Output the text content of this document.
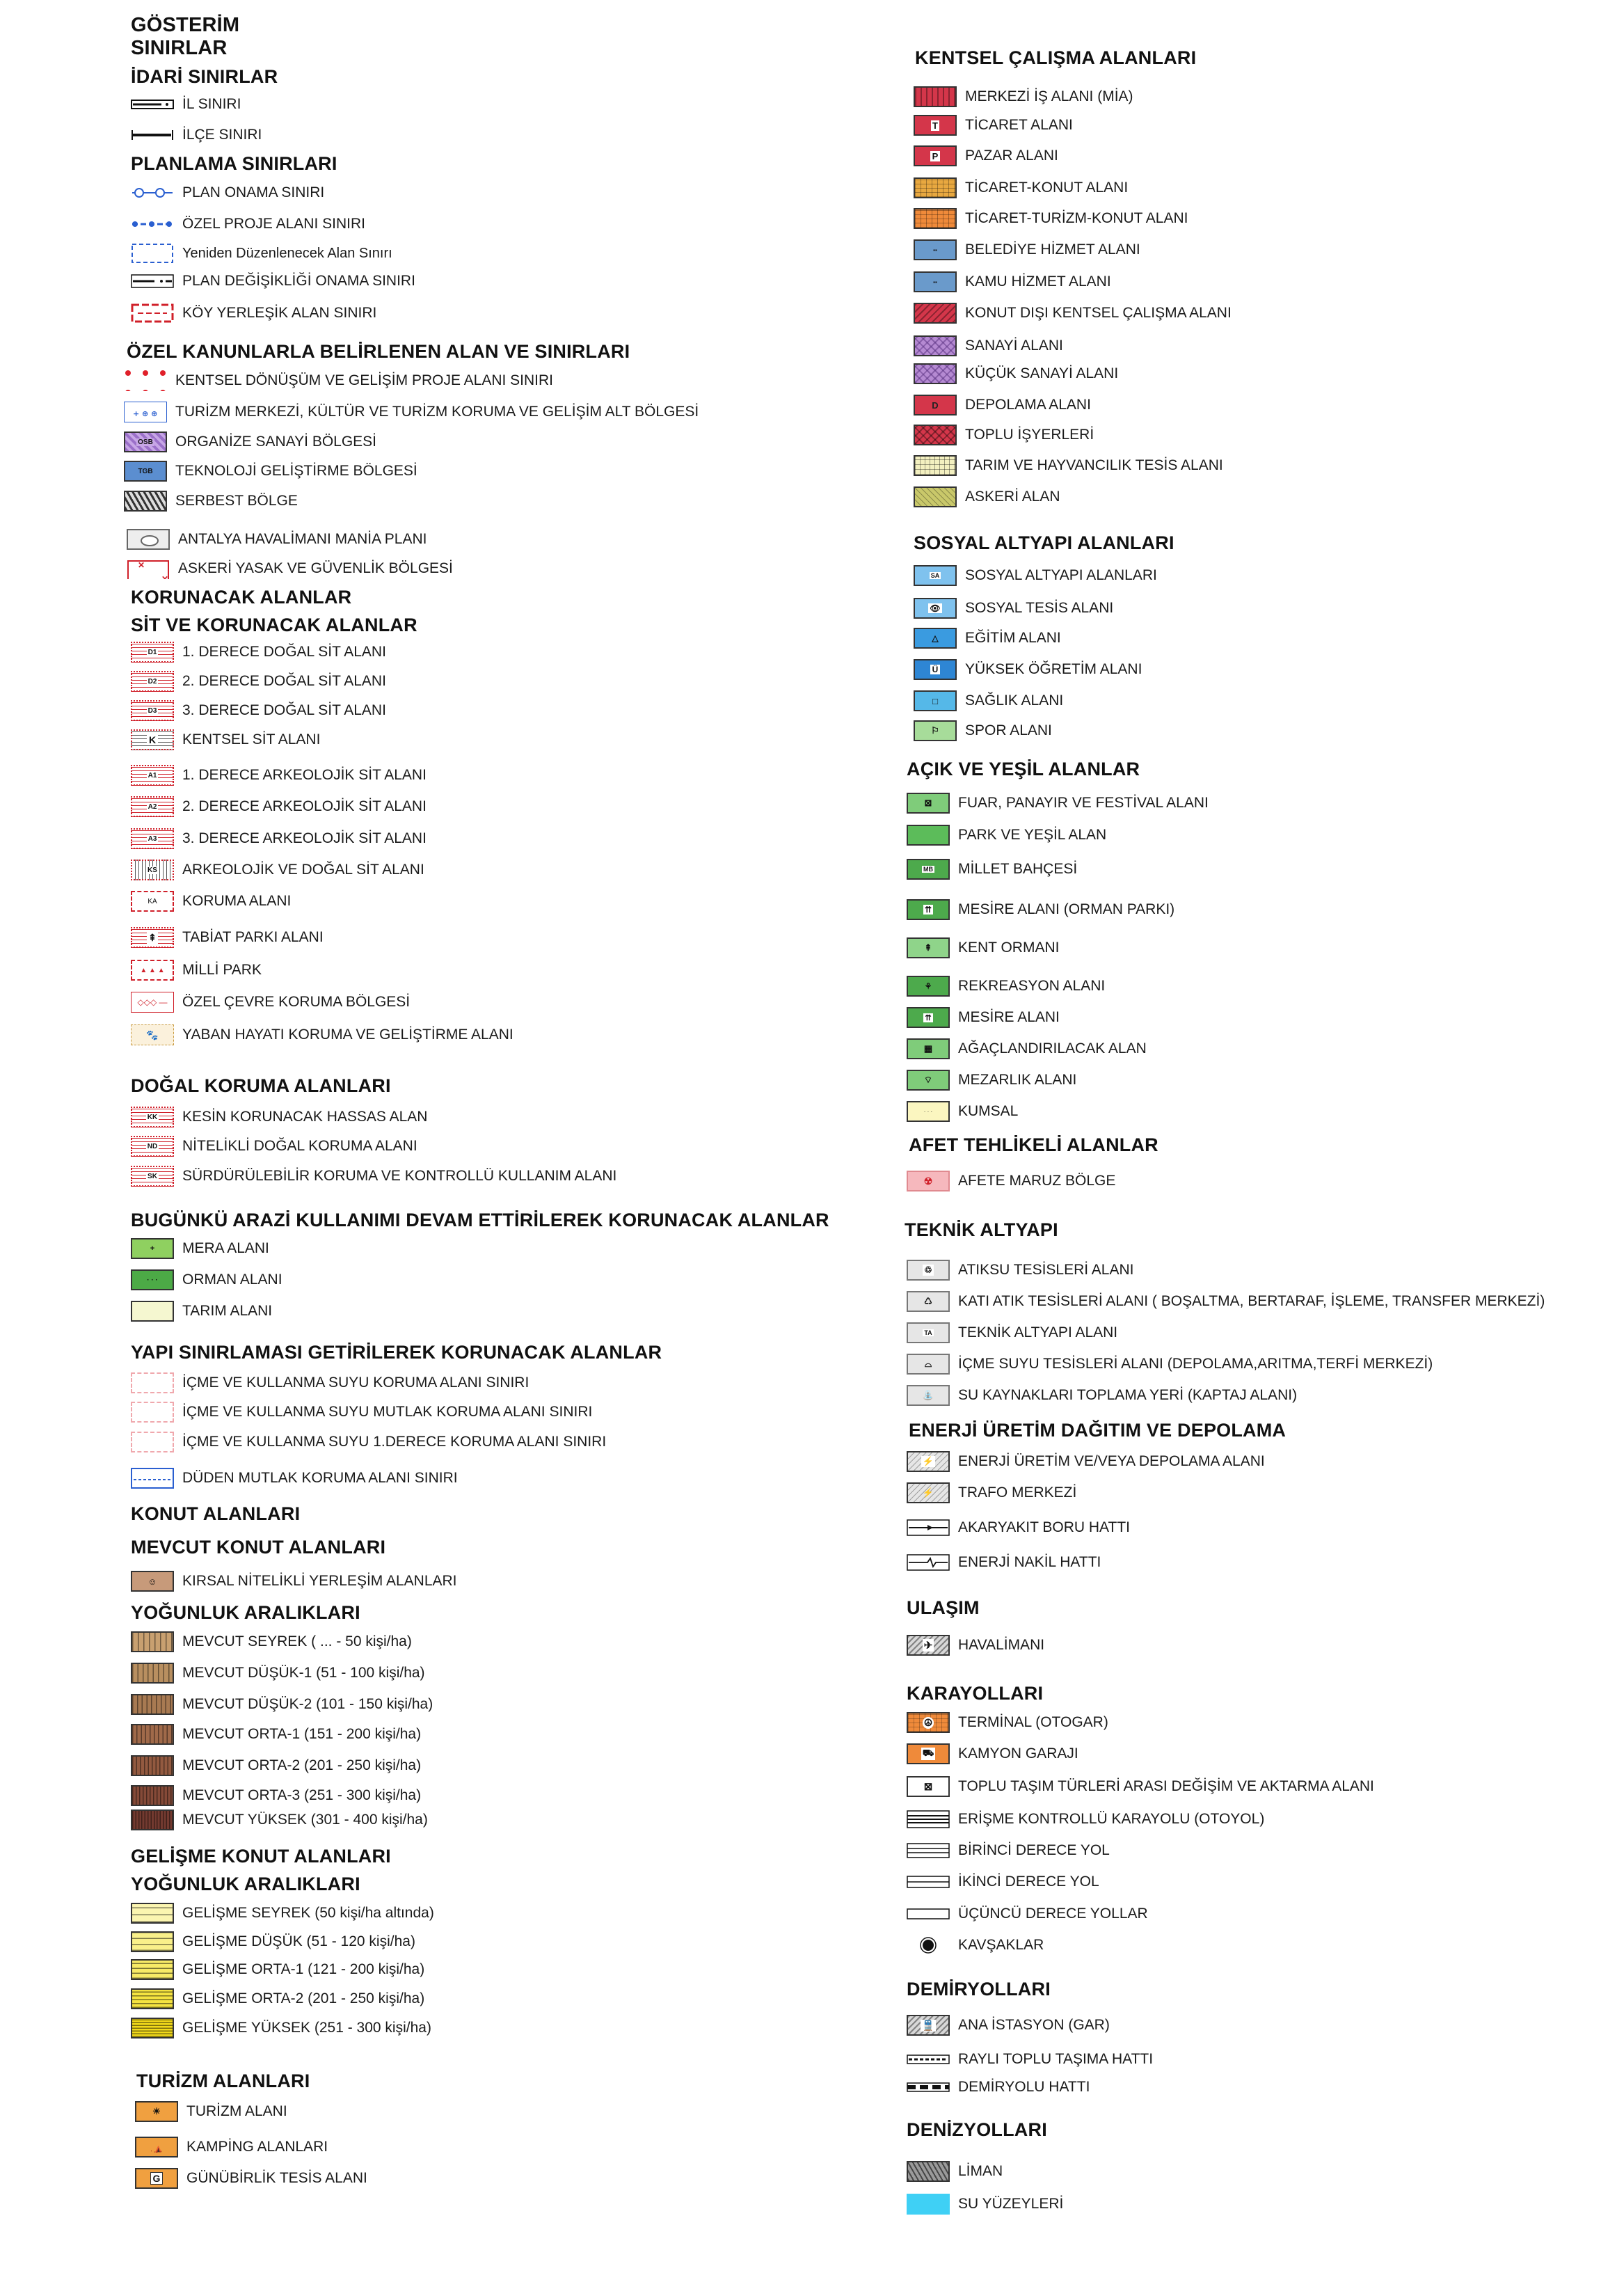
GÖSTERİM
SINIRLAR
İDARİ SINIRLAR
İL SINIRI
İLÇE SINIRI
PLANLAMA SINIRLARI
PLAN ONAMA SINIRI
ÖZEL PROJE ALANI SINIRI
Yeniden Düzenlenecek Alan Sınırı
PLAN DEĞİŞİKLİĞİ ONAMA SINIRI
KÖY YERLEŞİK ALAN SINIRI
ÖZEL KANUNLARLA BELİRLENEN ALAN VE SINIRLARI
KENTSEL DÖNÜŞÜM VE GELİŞİM PROJE ALANI SINIRI
+ ⊕ ⊕ TURİZM MERKEZİ, KÜLTÜR VE TURİZM KORUMA VE GELİŞİM ALT BÖLGESİ
OSB ORGANİZE SANAYİ BÖLGESİ
TGB TEKNOLOJİ GELİŞTİRME BÖLGESİ
SERBEST BÖLGE
ANTALYA HAVALİMANI MANİA PLANI
✕
✕
ASKERİ YASAK VE GÜVENLİK BÖLGESİ
KORUNACAK ALANLAR
SİT VE KORUNACAK ALANLAR
D1 1. DERECE DOĞAL SİT ALANI
D2 2. DERECE DOĞAL SİT ALANI
D3 3. DERECE DOĞAL SİT ALANI
K KENTSEL SİT ALANI
A1 1. DERECE ARKEOLOJİK SİT ALANI
A2 2. DERECE ARKEOLOJİK SİT ALANI
A3 3. DERECE ARKEOLOJİK SİT ALANI
KS ARKEOLOJİK VE DOĞAL SİT ALANI
KA KORUMA ALANI
⇞ TABİAT PARKI ALANI
▲ ▲ ▲ MİLLİ PARK
◇◇◇ — ÖZEL ÇEVRE KORUMA BÖLGESİ
🐾 YABAN HAYATI KORUMA VE GELİŞTİRME ALANI
DOĞAL KORUMA ALANLARI
KK KESİN KORUNACAK HASSAS ALAN
ND NİTELİKLİ DOĞAL KORUMA ALANI
SK SÜRDÜRÜLEBİLİR KORUMA VE KONTROLLÜ KULLANIM ALANI
BUGÜNKÜ ARAZİ KULLANIMI DEVAM ETTİRİLEREK KORUNACAK ALANLAR
+ MERA ALANI
· · · ORMAN ALANI
TARIM ALANI
YAPI SINIRLAMASI GETİRİLEREK KORUNACAK ALANLAR
İÇME VE KULLANMA SUYU KORUMA ALANI SINIRI
İÇME VE KULLANMA SUYU MUTLAK KORUMA ALANI SINIRI
İÇME VE KULLANMA SUYU 1.DERECE KORUMA ALANI SINIRI
DÜDEN MUTLAK KORUMA ALANI SINIRI
KONUT ALANLARI
MEVCUT KONUT ALANLARI
☺ KIRSAL NİTELİKLİ YERLEŞİM ALANLARI
YOĞUNLUK ARALIKLARI
MEVCUT SEYREK ( ... - 50 kişi/ha)
MEVCUT DÜŞÜK-1 (51 - 100 kişi/ha)
MEVCUT DÜŞÜK-2 (101 - 150 kişi/ha)
MEVCUT ORTA-1 (151 - 200 kişi/ha)
MEVCUT ORTA-2 (201 - 250 kişi/ha)
MEVCUT ORTA-3 (251 - 300 kişi/ha)
MEVCUT YÜKSEK (301 - 400 kişi/ha)
GELİŞME KONUT ALANLARI
YOĞUNLUK ARALIKLARI
GELİŞME SEYREK (50 kişi/ha altında)
GELİŞME DÜŞÜK (51 - 120 kişi/ha)
GELİŞME ORTA-1 (121 - 200 kişi/ha)
GELİŞME ORTA-2 (201 - 250 kişi/ha)
GELİŞME YÜKSEK (251 - 300 kişi/ha)
TURİZM ALANLARI
☀ TURİZM ALANI
⛺ KAMPİNG ALANLARI
G GÜNÜBİRLİK TESİS ALANI
KENTSEL ÇALIŞMA ALANLARI
MERKEZİ İŞ ALANI (MİA)
T TİCARET ALANI
P PAZAR ALANI
TİCARET-KONUT ALANI
TİCARET-TURİZM-KONUT ALANI
▪▪ BELEDİYE HİZMET ALANI
▪▪ KAMU HİZMET ALANI
KONUT DIŞI KENTSEL ÇALIŞMA ALANI
SANAYİ ALANI
KÜÇÜK SANAYİ ALANI
D DEPOLAMA ALANI
TOPLU İŞYERLERİ
TARIM VE HAYVANCILIK TESİS ALANI
ASKERİ ALAN
SOSYAL ALTYAPI ALANLARI
SA SOSYAL ALTYAPI ALANLARI
👁 SOSYAL TESİS ALANI
△ EĞİTİM ALANI
Ü YÜKSEK ÖĞRETİM ALANI
□ SAĞLIK ALANI
⚐ SPOR ALANI
AÇIK VE YEŞİL ALANLAR
⊠ FUAR, PANAYIR VE FESTİVAL ALANI
PARK VE YEŞİL ALAN
MB MİLLET BAHÇESİ
⇈ MESİRE ALANI (ORMAN PARKI)
⇞ KENT ORMANI
⚘ REKREASYON ALANI
⇈ MESİRE ALANI
▦ AĞAÇLANDIRILACAK ALAN
⌔ MEZARLIK ALANI
· · · KUMSAL
AFET TEHLİKELİ ALANLAR
☢ AFETE MARUZ BÖLGE
TEKNİK ALTYAPI
♲ ATIKSU TESİSLERİ ALANI
♺ KATI ATIK TESİSLERİ ALANI ( BOŞALTMA, BERTARAF, İŞLEME, TRANSFER MERKEZİ)
TA TEKNİK ALTYAPI ALANI
⌓ İÇME SUYU TESİSLERİ ALANI (DEPOLAMA,ARITMA,TERFİ MERKEZİ)
⛲ SU KAYNAKLARI TOPLAMA YERİ (KAPTAJ ALANI)
ENERJİ ÜRETİM DAĞITIM VE DEPOLAMA
⚡ ENERJİ ÜRETİM VE/VEYA DEPOLAMA ALANI
⚡ TRAFO MERKEZİ
AKARYAKIT BORU HATTI
ENERJİ NAKİL HATTI
ULAŞIM
✈ HAVALİMANI
KARAYOLLARI
☮ TERMİNAL (OTOGAR)
⛟ KAMYON GARAJI
⊠ TOPLU TAŞIM TÜRLERİ ARASI DEĞİŞİM VE AKTARMA ALANI
ERİŞME KONTROLLÜ KARAYOLU (OTOYOL)
BİRİNCİ DERECE YOL
İKİNCİ DERECE YOL
ÜÇÜNCÜ DERECE YOLLAR
KAVŞAKLAR
DEMİRYOLLARI
🚆 ANA İSTASYON (GAR)
RAYLI TOPLU TAŞIMA HATTI
DEMİRYOLU HATTI
DENİZYOLLARI
LİMAN
SU YÜZEYLERİ
